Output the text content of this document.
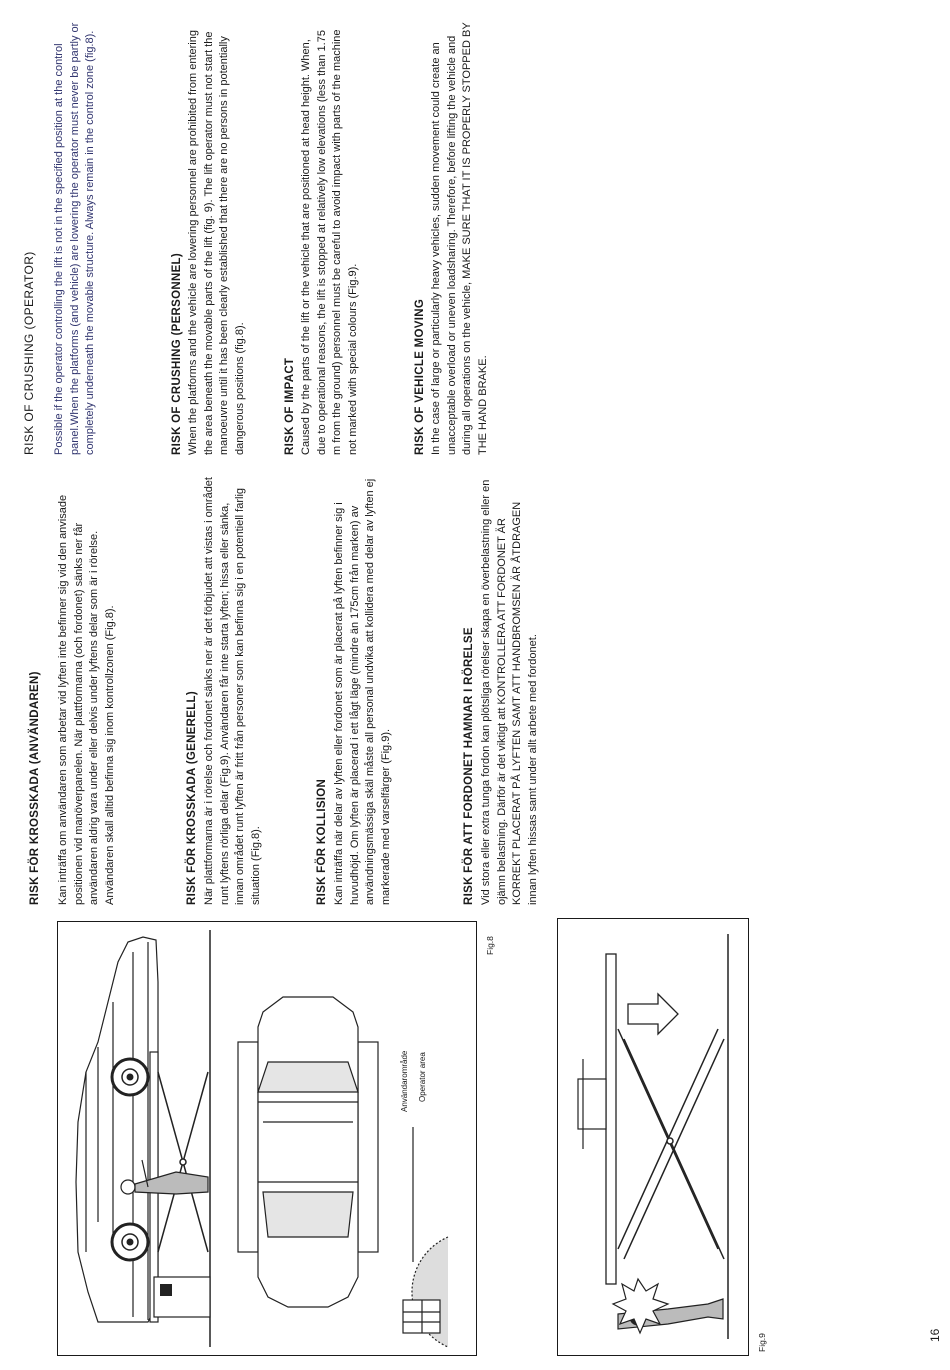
RISK FÖR KROSSKADA (ANVÄNDAREN) Kan inträffa om användaren som arbetar vid lyften inte befinner sig vid den anvisade positionen vid manöverpanelen. När plattformarna (och fordonet) sänks ner får användaren aldrig vara under eller delvis under lyftens delar som är i rörelse. Användaren skall alltid befinna sig inom kontrollzonen (Fig.8).	RISK FÖR KROSSKADA (GENERELL) När plattformarna är i rörelse och fordonet sänks ner är det förbjudet att vistas i området runt lyftens rörliga delar (Fig.9). Användaren får inte starta lyften; hissa eller sänka, innan området runt lyften är fritt från personer som kan befinna sig i en potentiell farlig situation (Fig.8).	RISK FÖR KOLLISION Kan inträffa när delar av lyften eller fordonet som är placerat på lyften befinner sig i huvudhöjd. Om lyften är placerad i ett lågt läge (mindre än 175cm från marken) av användningsmässiga skäl måste all personal undvika att kollidera med delar av lyften ej markerade med varselfärger (Fig.9).	RISK FÖR ATT FORDONET HAMNAR I RÖRELSE Vid stora eller extra tunga fordon kan plötsliga rörelser skapa en överbelastning eller en ojämn belastning. Därför är det viktigt att KONTROLLERA ATT FORDONET ÄR KORREKT PLACERAT PÅ LYFTEN SAMT ATT HANDBROMSEN ÄR ÅTDRAGEN innan lyften hissas samt under allt arbete med fordonet.

RISK OF CRUSHING (OPERATOR) Possible if the operator controlling the lift is not in the specified position at the control panel.When the platforms (and vehicle) are lowering the operator must never be partly or completely underneath the movable structure. Always remain in the control zone (fig.8).	RISK OF CRUSHING (PERSONNEL) When the platforms and the vehicle are lowering personnel are prohibited from entering the area beneath the movable parts of the lift (fig. 9). The lift operator must not start the manoeuvre until it has been clearly established that there are no persons in potentially dangerous positions (fig.8).	RISK OF IMPACT Caused by the parts of the lift or the vehicle that are positioned at head height. When, due to operational reasons, the lift is stopped at relatively low elevations (less than 1.75 m from the ground) personnel must be careful to avoid impact with parts of the machine not marked with special colours (Fig.9).	RISK OF VEHICLE MOVING In the case of large or particularly heavy vehicles, sudden movement could create an unacceptable overload or uneven loadsharing. Therefore, before lifting the vehicle and during all operations on the vehicle, MAKE SURE THAT IT IS PROPERLY STOPPED BY THE HAND BRAKE.

Användarområde Operator area
Fig.8
Fig.9	16
